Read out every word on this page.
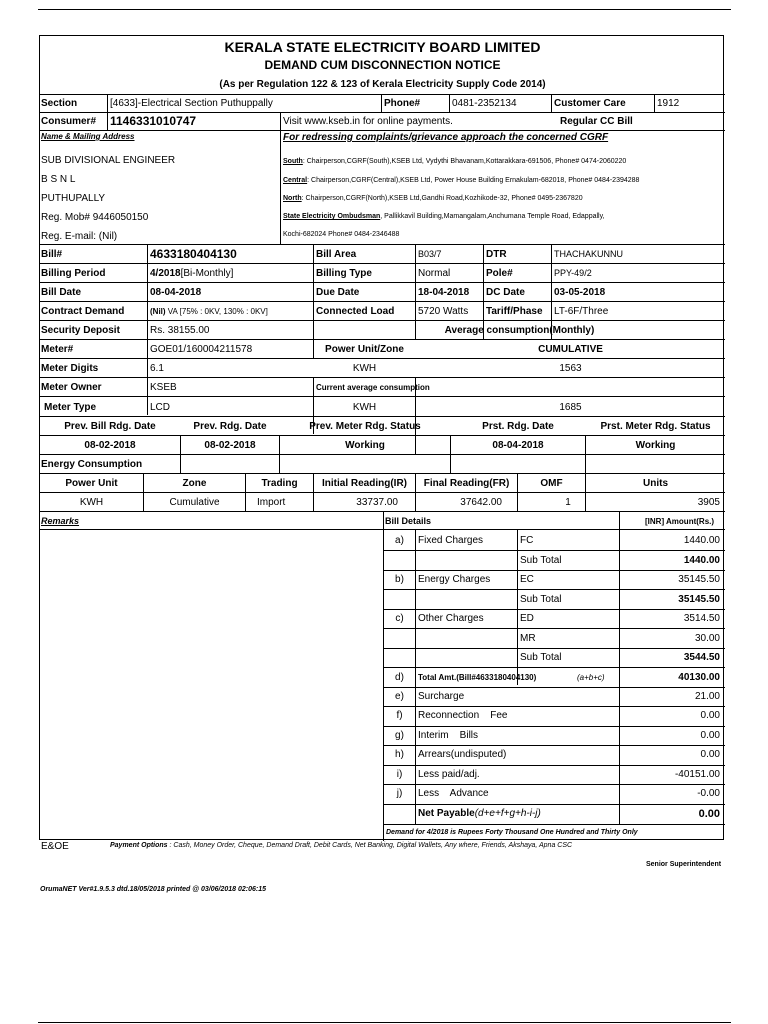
KERALA STATE ELECTRICITY BOARD LIMITED
DEMAND CUM DISCONNECTION NOTICE
(As per Regulation 122 & 123 of Kerala Electricity Supply Code 2014)
Section	[4633]-Electrical Section Puthuppally	Phone#	0481-2352134	Customer Care	1912
Consumer# 1146331010747	Visit www.kseb.in for online payments.	Regular CC Bill
Name & Mailing Address
SUB DIVISIONAL ENGINEER
B S N L
PUTHUPALLY
Reg. Mob# 9446050150
Reg. E-mail: (Nil)
For redressing complaints/grievance approach the concerned CGRF
South: Chairperson,CGRF(South),KSEB Ltd, Vydythi Bhavanam,Kottarakkara-691506, Phone# 0474-2060220
Central: Chairperson,CGRF(Central),KSEB Ltd, Power House Building Ernakulam-682018, Phone# 0484-2394288
North: Chairperson,CGRF(North),KSEB Ltd,Gandhi Road,Kozhikode-32, Phone# 0495-2367820
State Electricity Ombudsman, Pallikkavil Building,Mamangalam,Anchumana Temple Road, Edappally,
Kochi-682024 Phone# 0484-2346488
Bill#	4633180404130	Bill Area	B03/7	DTR	THACHAKUNNU
Billing Period	4/2018[Bi-Monthly]	Billing Type	Normal	Pole#	PPY-49/2
Bill Date	08-04-2018	Due Date	18-04-2018 DC Date	03-05-2018
Contract Demand	(Nil) VA [75% : 0KV, 130% : 0KV]	Connected Load 5720 Watts Tariff/Phase LT-6F/Three
Security Deposit	Rs. 38155.00	Average consumption(Monthly)
Meter#	GOE01/160004211578	Power Unit/Zone	CUMULATIVE
Meter Digits	6.1	KWH	1563
Meter Owner	KSEB	Current average consumption
Meter Type	LCD	KWH	1685
Prev. Bill Rdg. Date	Prev. Rdg. Date	Prev. Meter Rdg. Status	Prst. Rdg. Date	Prst. Meter Rdg. Status
08-02-2018	08-02-2018	Working	08-04-2018	Working
Energy Consumption
Power Unit	Zone	Trading	Initial Reading(IR)	Final Reading(FR)	OMF	Units
KWH	Cumulative	Import	33737.00	37642.00	1	3905
Remarks	Bill Details	[INR] Amount(Rs.)
a)	Fixed Charges	FC	1440.00
Sub Total	1440.00
b)	Energy Charges	EC	35145.50
Sub Total	35145.50
c)	Other Charges	ED	3514.50
MR	30.00
Sub Total	3544.50
d)	Total Amt.(Bill#4633180404130)	(a+b+c)	40130.00
e)	Surcharge	21.00
f)	Reconnection    Fee	0.00
g)	Interim    Bills	0.00
h)	Arrears(undisputed)	0.00
i)	Less paid/adj.	-40151.00
j)	Less    Advance	-0.00
Net Payable(d+e+f+g+h-i-j)	0.00
Demand for 4/2018 is Rupees Forty Thousand One Hundred and Thirty Only
E&OE	Payment Options : Cash, Money Order, Cheque, Demand Draft, Debit Cards, Net Banking, Digital Wallets, Any where, Friends, Akshaya, Apna CSC
Senior Superintendent
OrumaNET Ver#1.9.5.3 dtd.18/05/2018 printed @ 03/06/2018 02:06:15
